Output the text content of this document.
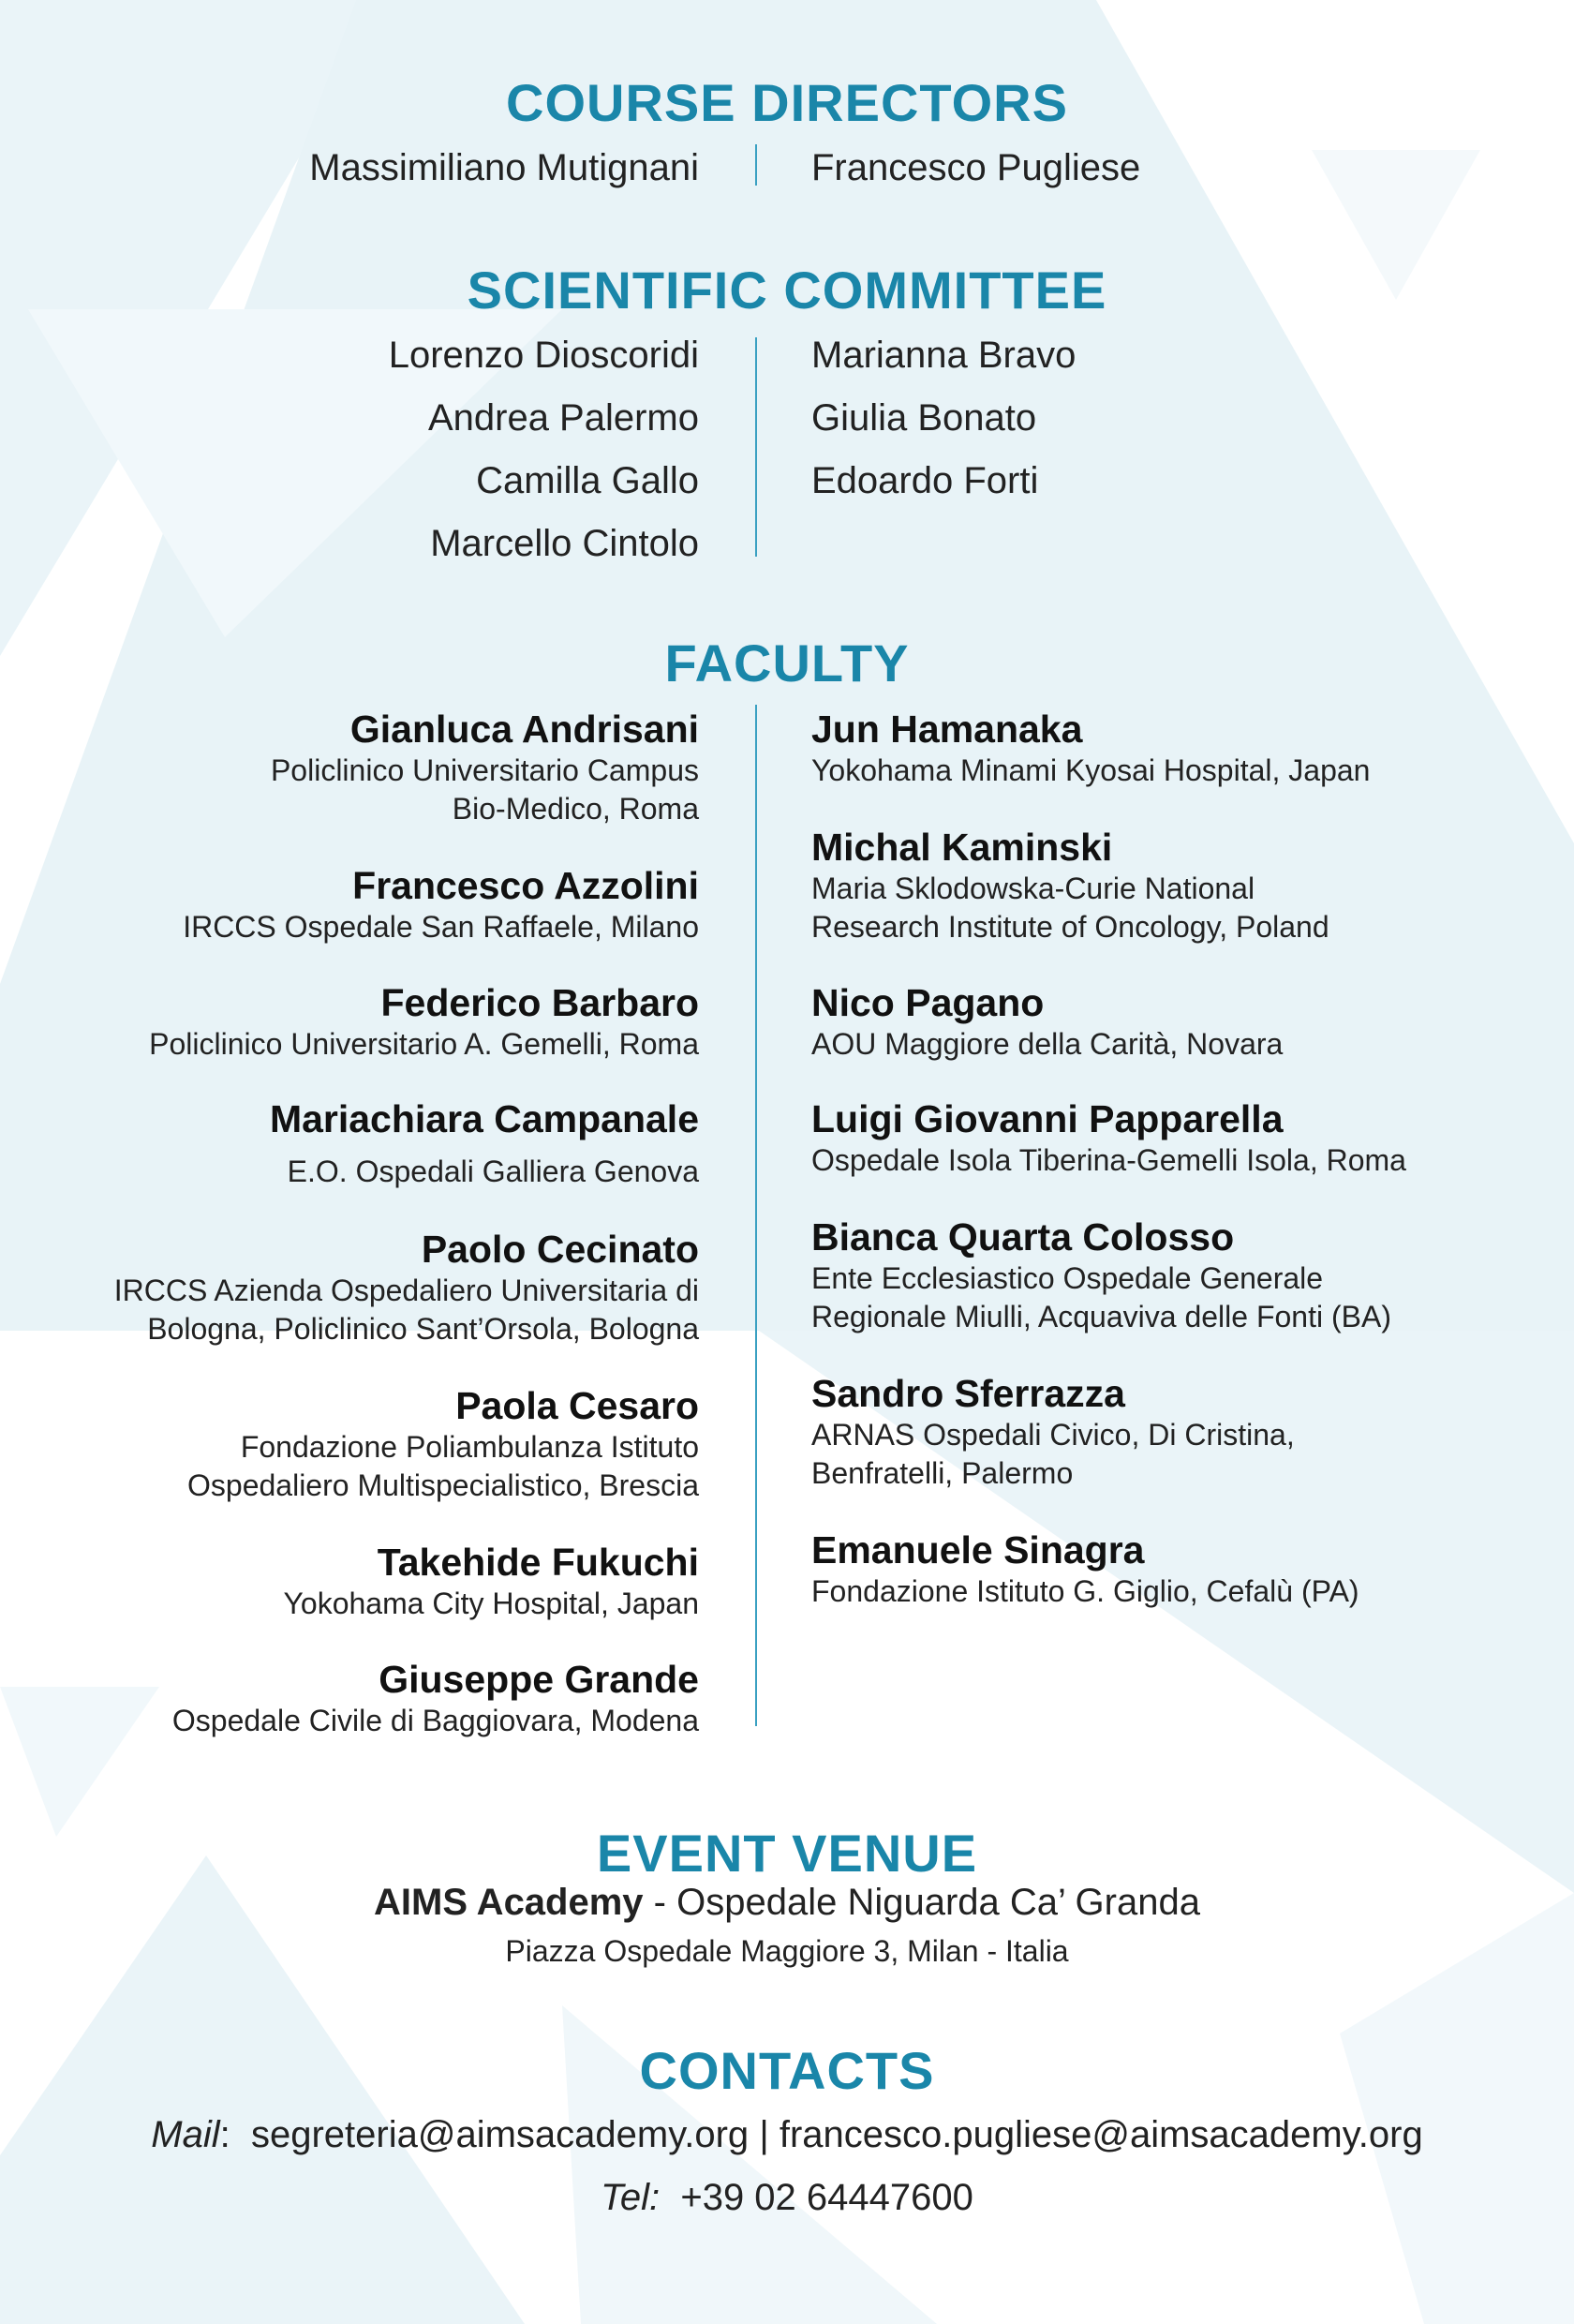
COURSE DIRECTORS
Massimiliano Mutignani	Francesco Pugliese
SCIENTIFIC COMMITTEE
Lorenzo Dioscoridi
Andrea Palermo
Camilla Gallo
Marcello Cintolo
Marianna Bravo
Giulia Bonato
Edoardo Forti
FACULTY
Gianluca Andrisani
Policlinico Universitario Campus
Bio-Medico, Roma
Francesco Azzolini
IRCCS Ospedale San Raffaele, Milano
Federico Barbaro
Policlinico Universitario A. Gemelli, Roma
Mariachiara Campanale
E.O. Ospedali Galliera Genova
Paolo Cecinato
IRCCS Azienda Ospedaliero Universitaria di
Bologna, Policlinico Sant’Orsola, Bologna
Paola Cesaro
Fondazione Poliambulanza Istituto
Ospedaliero Multispecialistico, Brescia
Takehide Fukuchi
Yokohama City Hospital, Japan
Giuseppe Grande
Ospedale Civile di Baggiovara, Modena
Jun Hamanaka
Yokohama Minami Kyosai Hospital, Japan
Michal Kaminski
Maria Sklodowska-Curie National
Research Institute of Oncology, Poland
Nico Pagano
AOU Maggiore della Carità, Novara
Luigi Giovanni Papparella
Ospedale Isola Tiberina-Gemelli Isola, Roma
Bianca Quarta Colosso
Ente Ecclesiastico Ospedale Generale
Regionale Miulli, Acquaviva delle Fonti (BA)
Sandro Sferrazza
ARNAS Ospedali Civico, Di Cristina,
Benfratelli, Palermo
Emanuele Sinagra
Fondazione Istituto G. Giglio, Cefalù (PA)
EVENT VENUE
AIMS Academy - Ospedale Niguarda Ca’ Granda
Piazza Ospedale Maggiore 3, Milan - Italia
CONTACTS
Mail:  segreteria@aimsacademy.org | francesco.pugliese@aimsacademy.org
Tel: +39 02 64447600
